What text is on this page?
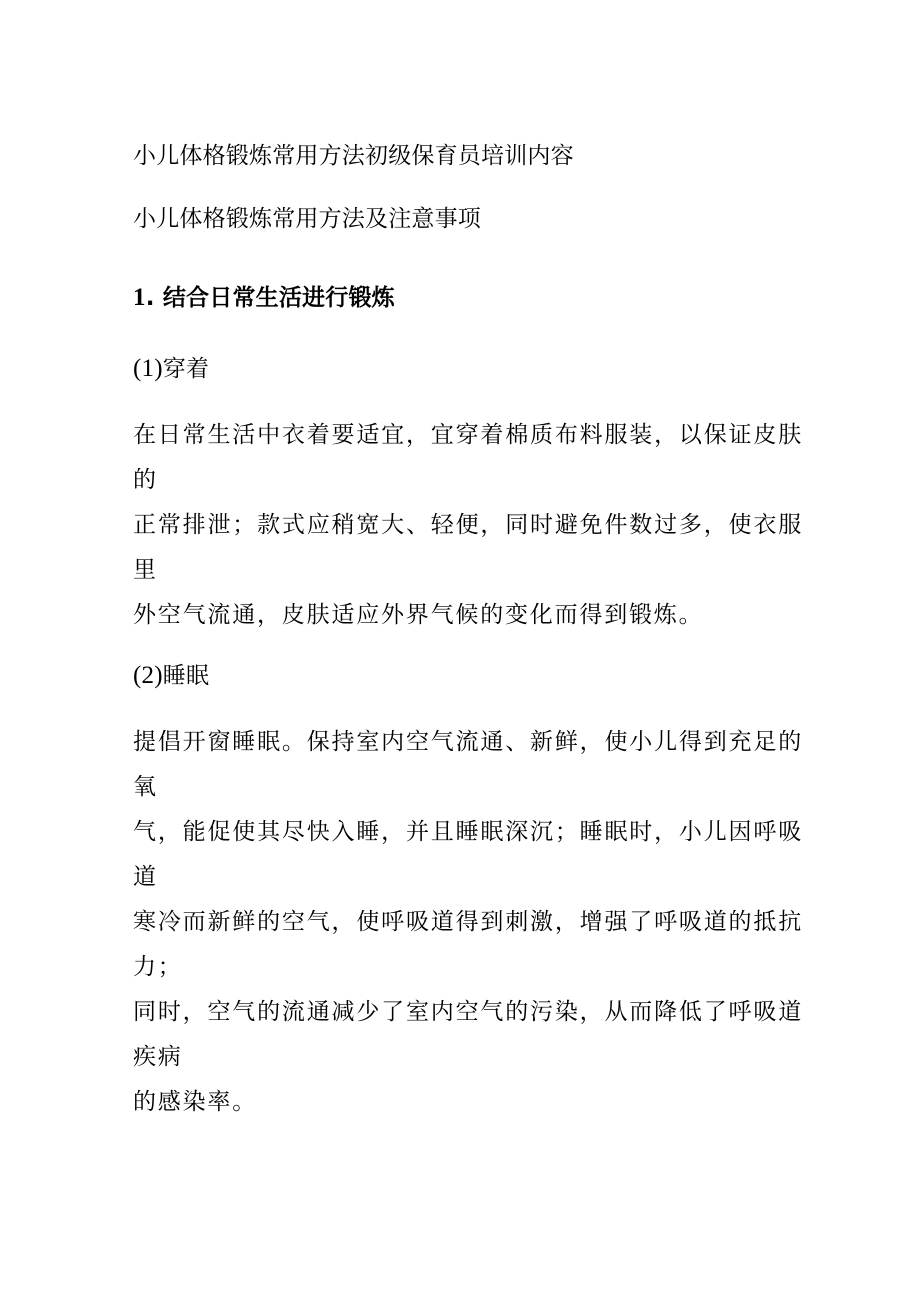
小儿体格锻炼常用方法初级保育员培训内容

小儿体格锻炼常用方法及注意事项

1. 结合日常生活进行锻炼

(1)穿着

在日常生活中衣着要适宜，宜穿着棉质布料服装，以保证皮肤的
正常排泄；款式应稍宽大、轻便，同时避免件数过多，使衣服里
外空气流通，皮肤适应外界气候的变化而得到锻炼。

(2)睡眠

提倡开窗睡眠。保持室内空气流通、新鲜，使小儿得到充足的氧
气，能促使其尽快入睡，并且睡眠深沉；睡眠时，小儿因呼吸道
寒冷而新鲜的空气，使呼吸道得到刺激，增强了呼吸道的抵抗力；
同时，空气的流通减少了室内空气的污染，从而降低了呼吸道疾病
的感染率。
